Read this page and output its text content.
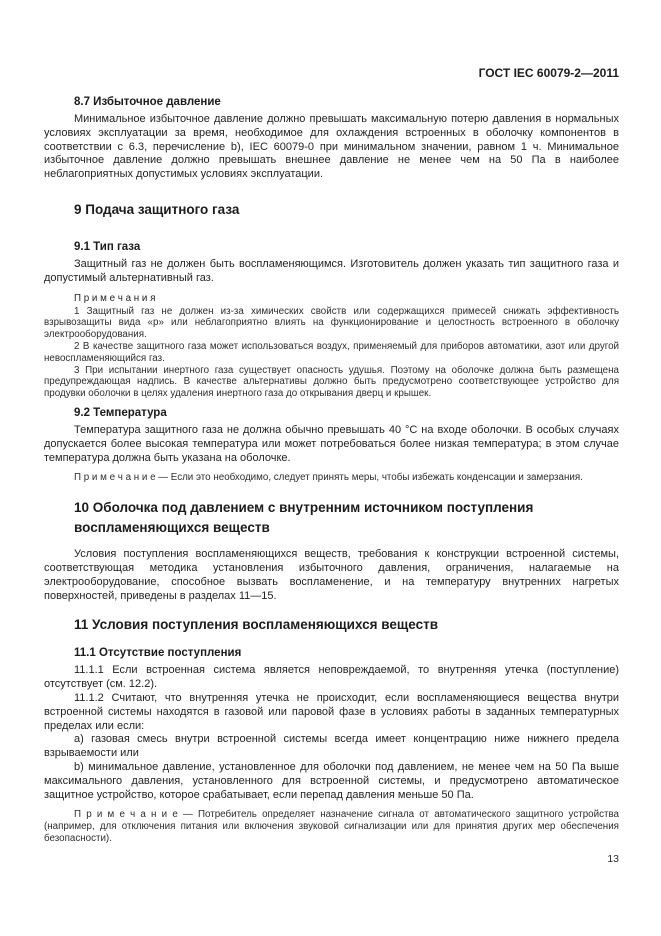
ГОСТ IEC 60079-2—2011
8.7 Избыточное давление

Минимальное избыточное давление должно превышать максимальную потерю давления в нормальных условиях эксплуатации за время, необходимое для охлаждения встроенных в оболочку компонентов в соответствии с 6.3, перечисление b), IEC 60079-0 при минимальном значении, равном 1 ч. Минимальное избыточное давление должно превышать внешнее давление не менее чем на 50 Па в наиболее неблагоприятных допустимых условиях эксплуатации.

9 Подача защитного газа
9.1 Тип газа

Защитный газ не должен быть воспламеняющимся. Изготовитель должен указать тип защитного газа и допустимый альтернативный газ.

П р и м е ч а н и я

1 Защитный газ не должен из-за химических свойств или содержащихся примесей снижать эффективность взрывозащиты вида «р» или неблагоприятно влиять на функционирование и целостность встроенного в оболочку электрооборудования.

2 В качестве защитного газа может использоваться воздух, применяемый для приборов автоматики, азот или другой невоспламеняющийся газ.

3 При испытании инертного газа существует опасность удушья. Поэтому на оболочке должна быть размещена предупреждающая надпись. В качестве альтернативы должно быть предусмотрено соответствующее устройство для продувки оболочки в целях удаления инертного газа до открывания дверц и крышек.

9.2 Температура

Температура защитного газа не должна обычно превышать 40 °С на входе оболочки. В особых случаях допускается более высокая температура или может потребоваться более низкая температура; в этом случае температура должна быть указана на оболочке.

П р и м е ч а н и е — Если это необходимо, следует принять меры, чтобы избежать конденсации и замерзания.

10 Оболочка под давлением с внутренним источником поступления воспламеняющихся веществ

Условия поступления воспламеняющихся веществ, требования к конструкции встроенной системы, соответствующая методика установления избыточного давления, ограничения, налагаемые на электрооборудование, способное вызвать воспламенение, и на температуру внутренних нагретых поверхностей, приведены в разделах 11—15.

11 Условия поступления воспламеняющихся веществ
11.1 Отсутствие поступления

11.1.1 Если встроенная система является неповреждаемой, то внутренняя утечка (поступление) отсутствует (см. 12.2).

11.1.2 Считают, что внутренняя утечка не происходит, если воспламеняющиеся вещества внутри встроенной системы находятся в газовой или паровой фазе в условиях работы в заданных температурных пределах или если:

a) газовая смесь внутри встроенной системы всегда имеет концентрацию ниже нижнего предела взрываемости или

b) минимальное давление, установленное для оболочки под давлением, не менее чем на 50 Па выше максимального давления, установленного для встроенной системы, и предусмотрено автоматическое защитное устройство, которое срабатывает, если перепад давления меньше 50 Па.

П р и м е ч а н и е — Потребитель определяет назначение сигнала от автоматического защитного устройства (например, для отключения питания или включения звуковой сигнализации или для принятия других мер обеспечения безопасности).

13
